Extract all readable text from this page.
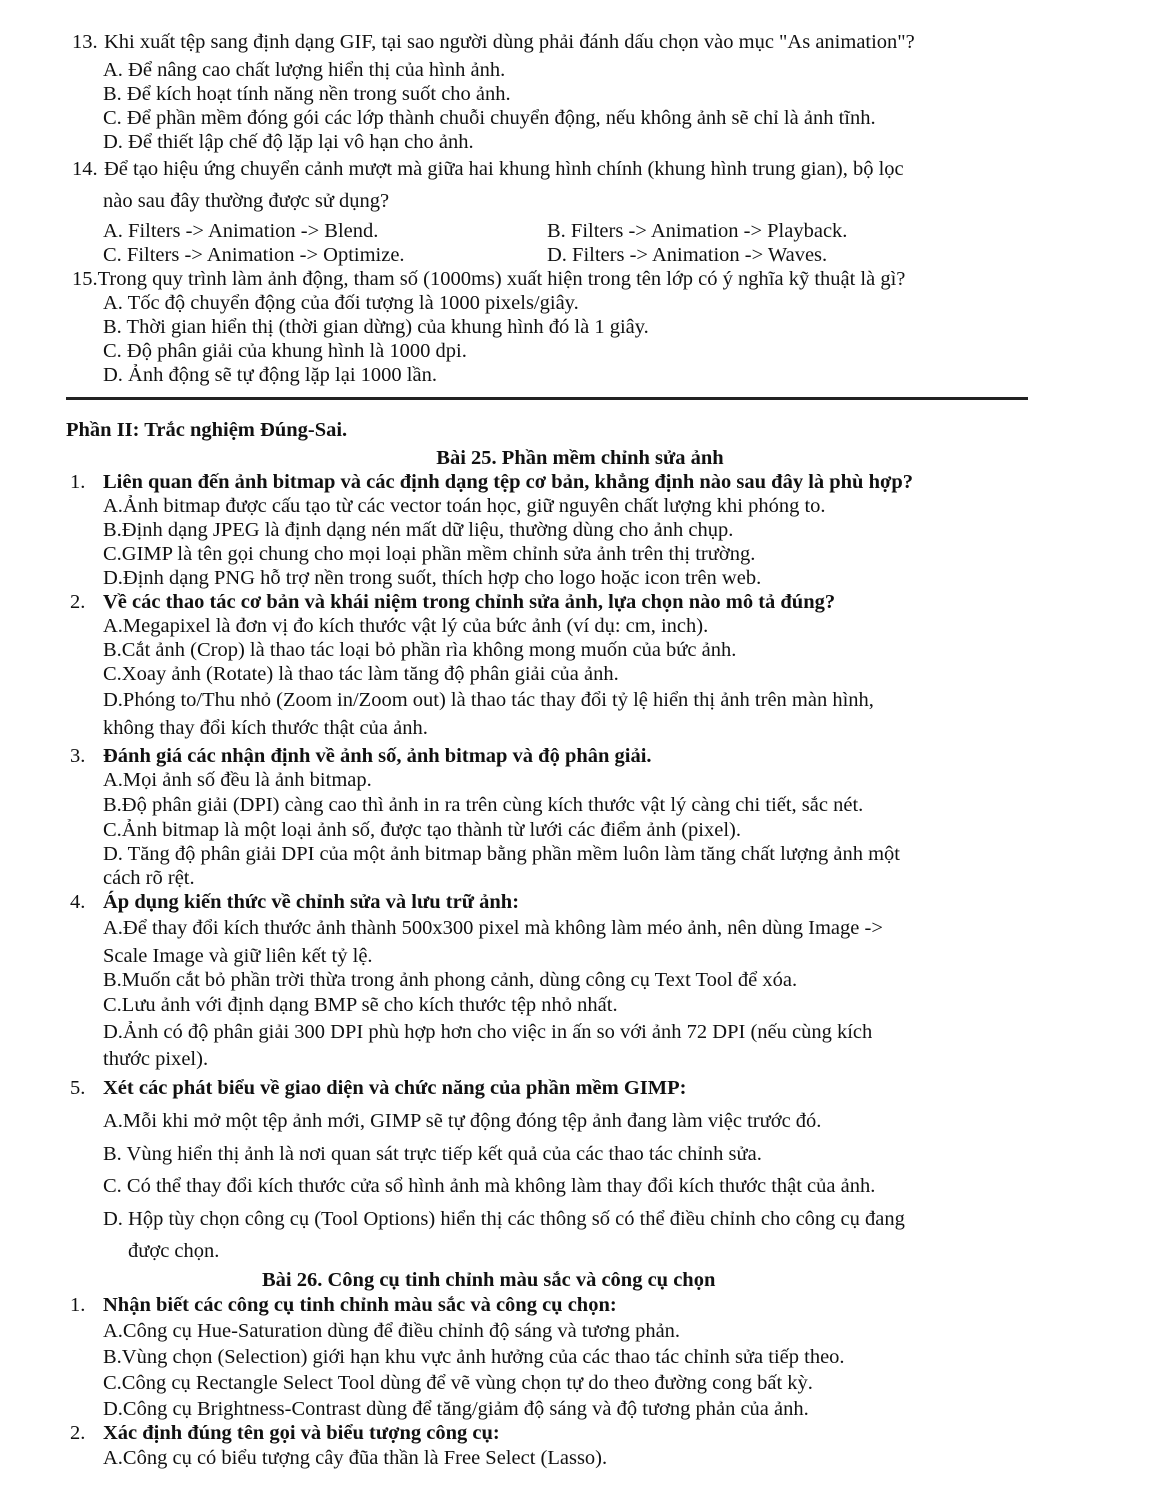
13. Khi xuất tệp sang định dạng GIF, tại sao người dùng phải đánh dấu chọn vào mục "As animation"?
A. Để nâng cao chất lượng hiển thị của hình ảnh.
B. Để kích hoạt tính năng nền trong suốt cho ảnh.
C. Để phần mềm đóng gói các lớp thành chuỗi chuyển động, nếu không ảnh sẽ chỉ là ảnh tĩnh.
D. Để thiết lập chế độ lặp lại vô hạn cho ảnh.
14. Để tạo hiệu ứng chuyển cảnh mượt mà giữa hai khung hình chính (khung hình trung gian), bộ lọc
nào sau đây thường được sử dụng?
A. Filters -> Animation -> Blend.	B. Filters -> Animation -> Playback.
C. Filters -> Animation -> Optimize.	D. Filters -> Animation -> Waves.
15.Trong quy trình làm ảnh động, tham số (1000ms) xuất hiện trong tên lớp có ý nghĩa kỹ thuật là gì?
A. Tốc độ chuyển động của đối tượng là 1000 pixels/giây.
B. Thời gian hiển thị (thời gian dừng) của khung hình đó là 1 giây.
C. Độ phân giải của khung hình là 1000 dpi.
D. Ảnh động sẽ tự động lặp lại 1000 lần.
Phần II: Trắc nghiệm Đúng-Sai.
Bài 25. Phần mềm chỉnh sửa ảnh
1. Liên quan đến ảnh bitmap và các định dạng tệp cơ bản, khẳng định nào sau đây là phù hợp?
A.Ảnh bitmap được cấu tạo từ các vector toán học, giữ nguyên chất lượng khi phóng to.
B.Định dạng JPEG là định dạng nén mất dữ liệu, thường dùng cho ảnh chụp.
C.GIMP là tên gọi chung cho mọi loại phần mềm chỉnh sửa ảnh trên thị trường.
D.Định dạng PNG hỗ trợ nền trong suốt, thích hợp cho logo hoặc icon trên web.
2. Về các thao tác cơ bản và khái niệm trong chỉnh sửa ảnh, lựa chọn nào mô tả đúng?
A.Megapixel là đơn vị đo kích thước vật lý của bức ảnh (ví dụ: cm, inch).
B.Cắt ảnh (Crop) là thao tác loại bỏ phần rìa không mong muốn của bức ảnh.
C.Xoay ảnh (Rotate) là thao tác làm tăng độ phân giải của ảnh.
D.Phóng to/Thu nhỏ (Zoom in/Zoom out) là thao tác thay đổi tỷ lệ hiển thị ảnh trên màn hình,
không thay đổi kích thước thật của ảnh.
3. Đánh giá các nhận định về ảnh số, ảnh bitmap và độ phân giải.
A.Mọi ảnh số đều là ảnh bitmap.
B.Độ phân giải (DPI) càng cao thì ảnh in ra trên cùng kích thước vật lý càng chi tiết, sắc nét.
C.Ảnh bitmap là một loại ảnh số, được tạo thành từ lưới các điểm ảnh (pixel).
D. Tăng độ phân giải DPI của một ảnh bitmap bằng phần mềm luôn làm tăng chất lượng ảnh một
cách rõ rệt.
4. Áp dụng kiến thức về chỉnh sửa và lưu trữ ảnh:
A.Để thay đổi kích thước ảnh thành 500x300 pixel mà không làm méo ảnh, nên dùng Image ->
Scale Image và giữ liên kết tỷ lệ.
B.Muốn cắt bỏ phần trời thừa trong ảnh phong cảnh, dùng công cụ Text Tool để xóa.
C.Lưu ảnh với định dạng BMP sẽ cho kích thước tệp nhỏ nhất.
D.Ảnh có độ phân giải 300 DPI phù hợp hơn cho việc in ấn so với ảnh 72 DPI (nếu cùng kích
thước pixel).
5. Xét các phát biểu về giao diện và chức năng của phần mềm GIMP:
A.Mỗi khi mở một tệp ảnh mới, GIMP sẽ tự động đóng tệp ảnh đang làm việc trước đó.
B. Vùng hiển thị ảnh là nơi quan sát trực tiếp kết quả của các thao tác chỉnh sửa.
C. Có thể thay đổi kích thước cửa sổ hình ảnh mà không làm thay đổi kích thước thật của ảnh.
D. Hộp tùy chọn công cụ (Tool Options) hiển thị các thông số có thể điều chỉnh cho công cụ đang
được chọn.
Bài 26. Công cụ tinh chỉnh màu sắc và công cụ chọn
1. Nhận biết các công cụ tinh chỉnh màu sắc và công cụ chọn:
A.Công cụ Hue-Saturation dùng để điều chỉnh độ sáng và tương phản.
B.Vùng chọn (Selection) giới hạn khu vực ảnh hưởng của các thao tác chỉnh sửa tiếp theo.
C.Công cụ Rectangle Select Tool dùng để vẽ vùng chọn tự do theo đường cong bất kỳ.
D.Công cụ Brightness-Contrast dùng để tăng/giảm độ sáng và độ tương phản của ảnh.
2. Xác định đúng tên gọi và biểu tượng công cụ:
A.Công cụ có biểu tượng cây đũa thần là Free Select (Lasso).
